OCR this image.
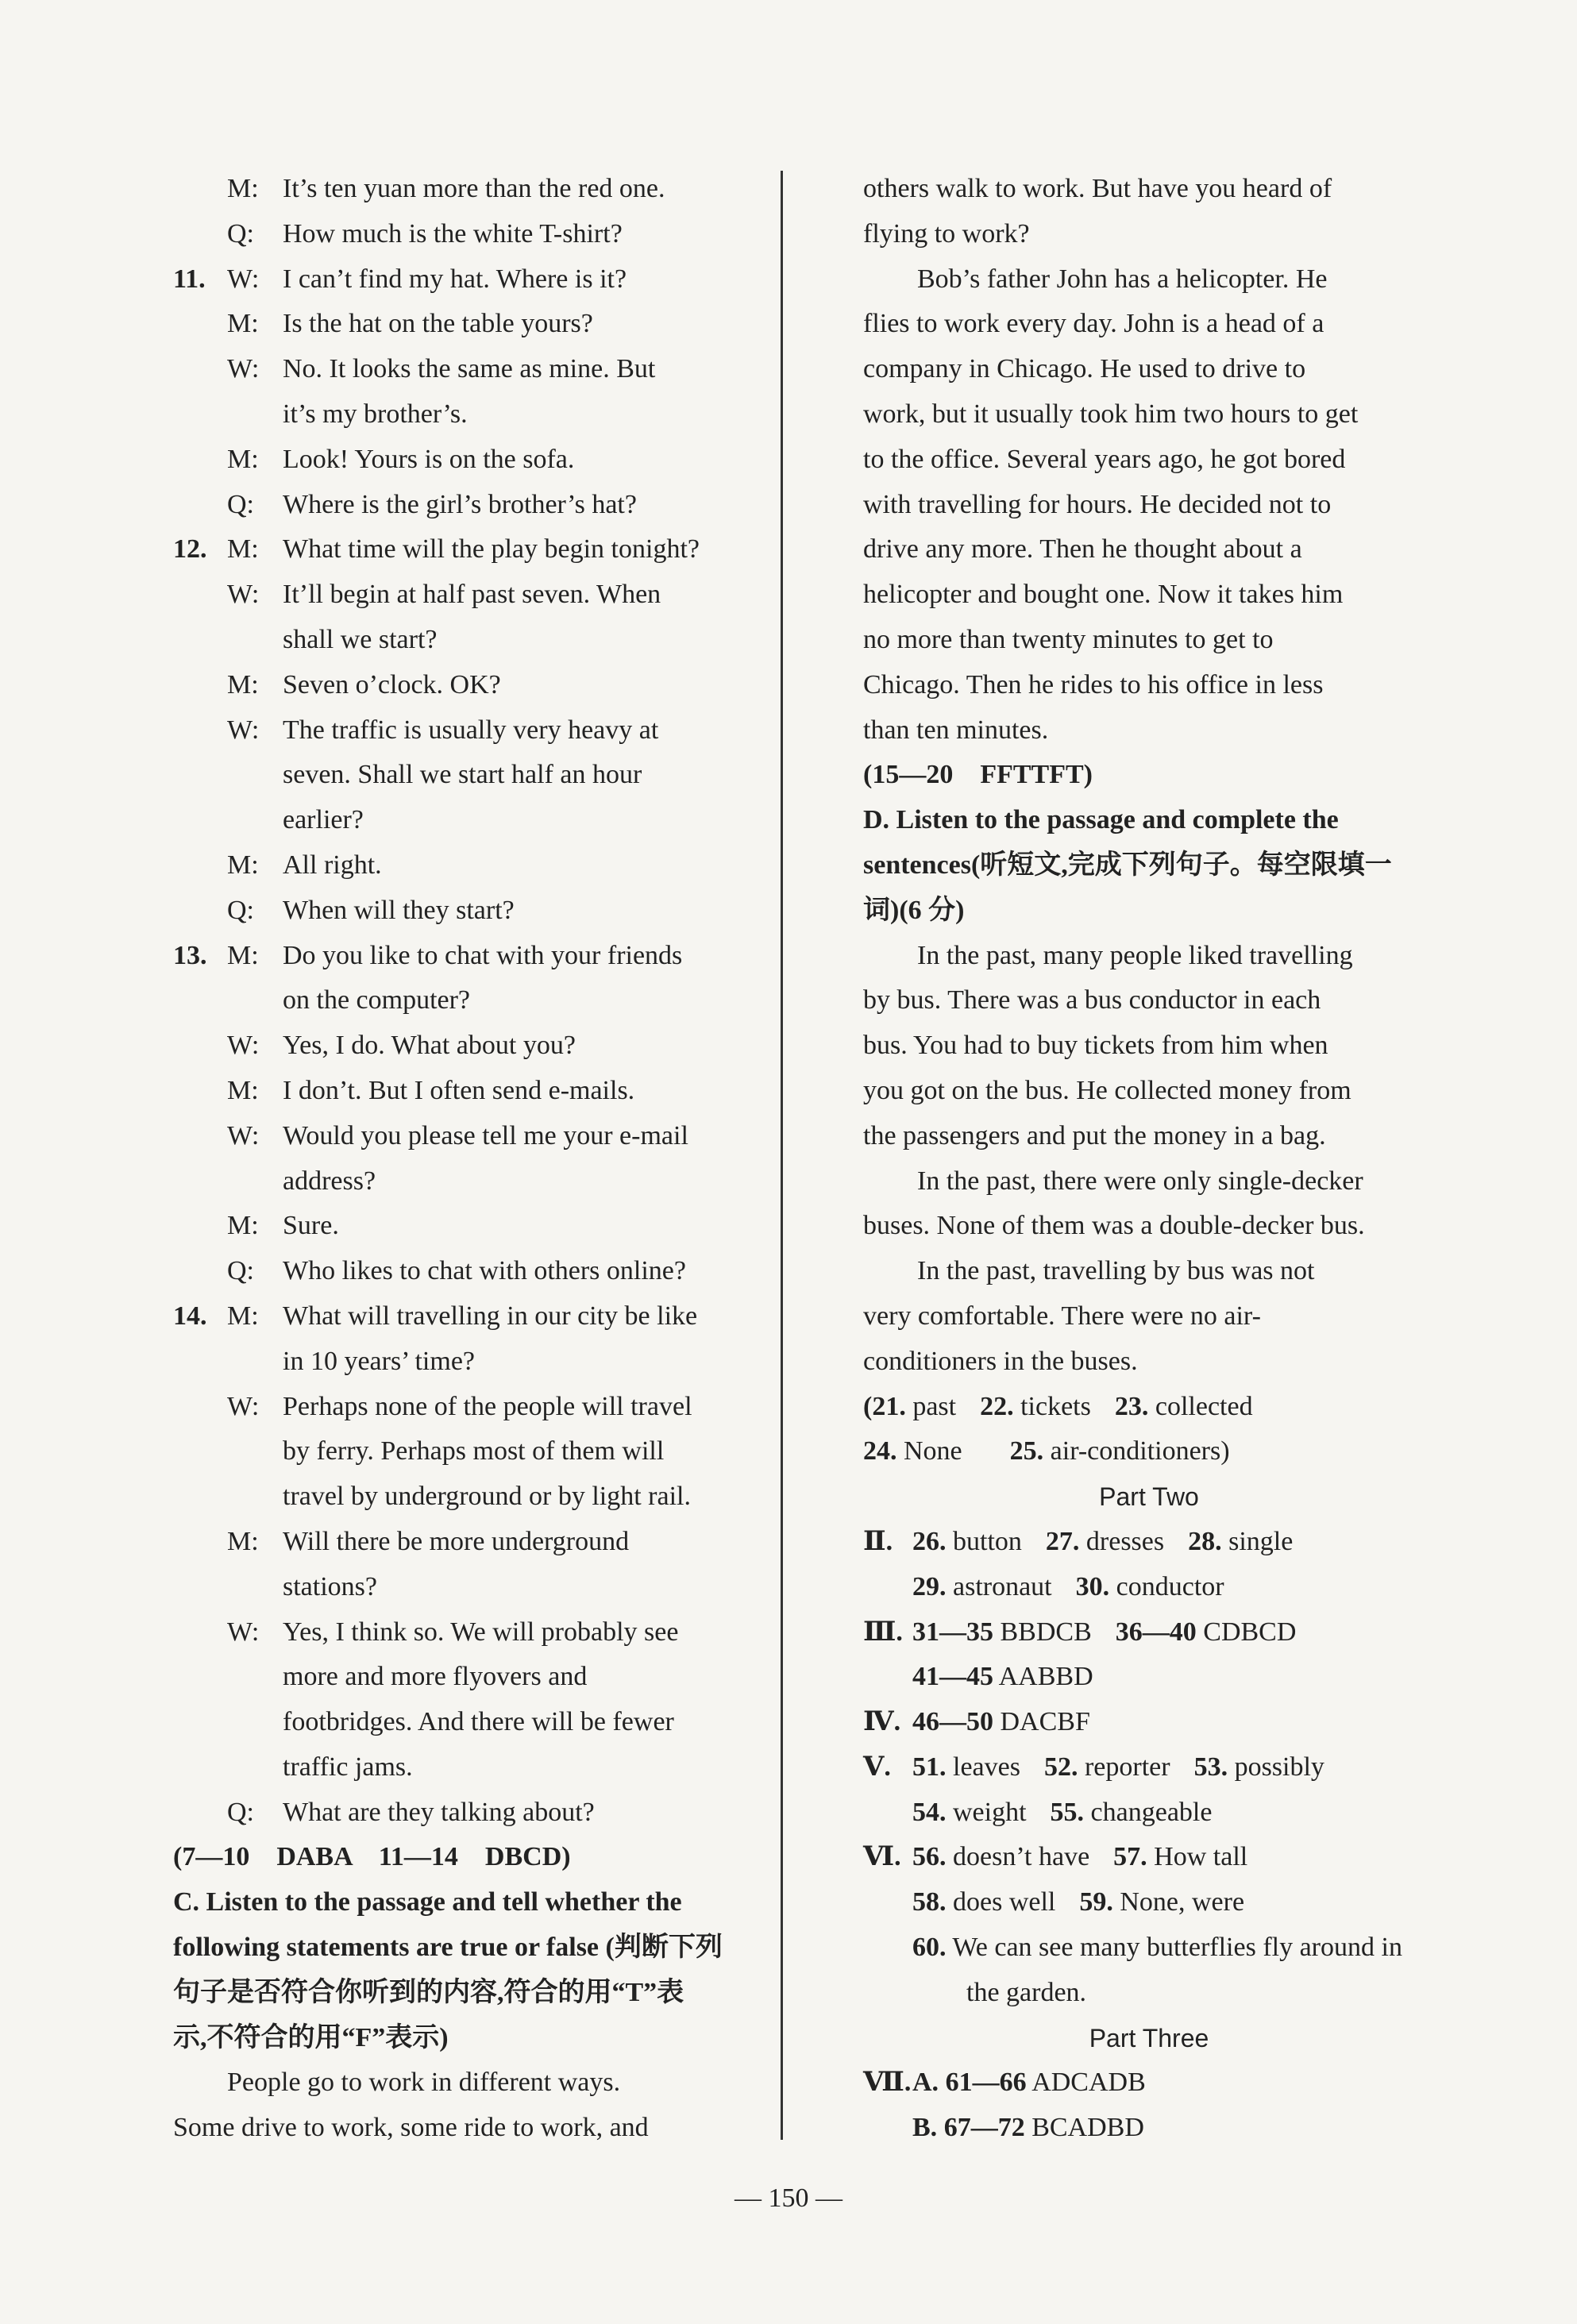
M: It’s ten yuan more than the red one.
Q: How much is the white T-shirt?
11. W: I can’t find my hat. Where is it?
M: Is the hat on the table yours?
W: No. It looks the same as mine. But
it’s my brother’s.
M: Look! Yours is on the sofa.
Q: Where is the girl’s brother’s hat?
12. M: What time will the play begin tonight?
W: It’ll begin at half past seven. When
shall we start?
M: Seven o’clock. OK?
W: The traffic is usually very heavy at
seven. Shall we start half an hour
earlier?
M: All right.
Q: When will they start?
13. M: Do you like to chat with your friends
on the computer?
W: Yes, I do. What about you?
M: I don’t. But I often send e-mails.
W: Would you please tell me your e-mail
address?
M: Sure.
Q: Who likes to chat with others online?
14. M: What will travelling in our city be like
in 10 years’ time?
W: Perhaps none of the people will travel
by ferry. Perhaps most of them will
travel by underground or by light rail.
M: Will there be more underground
stations?
W: Yes, I think so. We will probably see
more and more flyovers and
footbridges. And there will be fewer
traffic jams.
Q: What are they talking about?
(7—10　DABA　11—14　DBCD)
C. Listen to the passage and tell whether the
following statements are true or false (判断下列
句子是否符合你听到的内容,符合的用“T”表
示,不符合的用“F”表示)
People go to work in different ways.
Some drive to work, some ride to work, and
others walk to work. But have you heard of
flying to work?
Bob’s father John has a helicopter. He
flies to work every day. John is a head of a
company in Chicago. He used to drive to
work, but it usually took him two hours to get
to the office. Several years ago, he got bored
with travelling for hours. He decided not to
drive any more. Then he thought about a
helicopter and bought one. Now it takes him
no more than twenty minutes to get to
Chicago. Then he rides to his office in less
than ten minutes.
(15—20　FFTTFT)
D. Listen to the passage and complete the
sentences(听短文,完成下列句子。每空限填一
词)(6 分)
In the past, many people liked travelling
by bus. There was a bus conductor in each
bus. You had to buy tickets from him when
you got on the bus. He collected money from
the passengers and put the money in a bag.
In the past, there were only single-decker
buses. None of them was a double-decker bus.
In the past, travelling by bus was not
very comfortable. There were no air-
conditioners in the buses.
(21. past 22. tickets 23. collected
24. None 25. air-conditioners)
Part Two
Ⅱ. 26. button 27. dresses 28. single
29. astronaut 30. conductor
Ⅲ. 31—35 BBDCB 36—40 CDBCD
41—45 AABBD
Ⅳ. 46—50 DACBF
Ⅴ. 51. leaves 52. reporter 53. possibly
54. weight 55. changeable
Ⅵ. 56. doesn’t have 57. How tall
58. does well 59. None, were
60. We can see many butterflies fly around in
the garden.
Part Three
Ⅶ.A. 61—66 ADCADB
B. 67—72 BCADBD
— 150 —
